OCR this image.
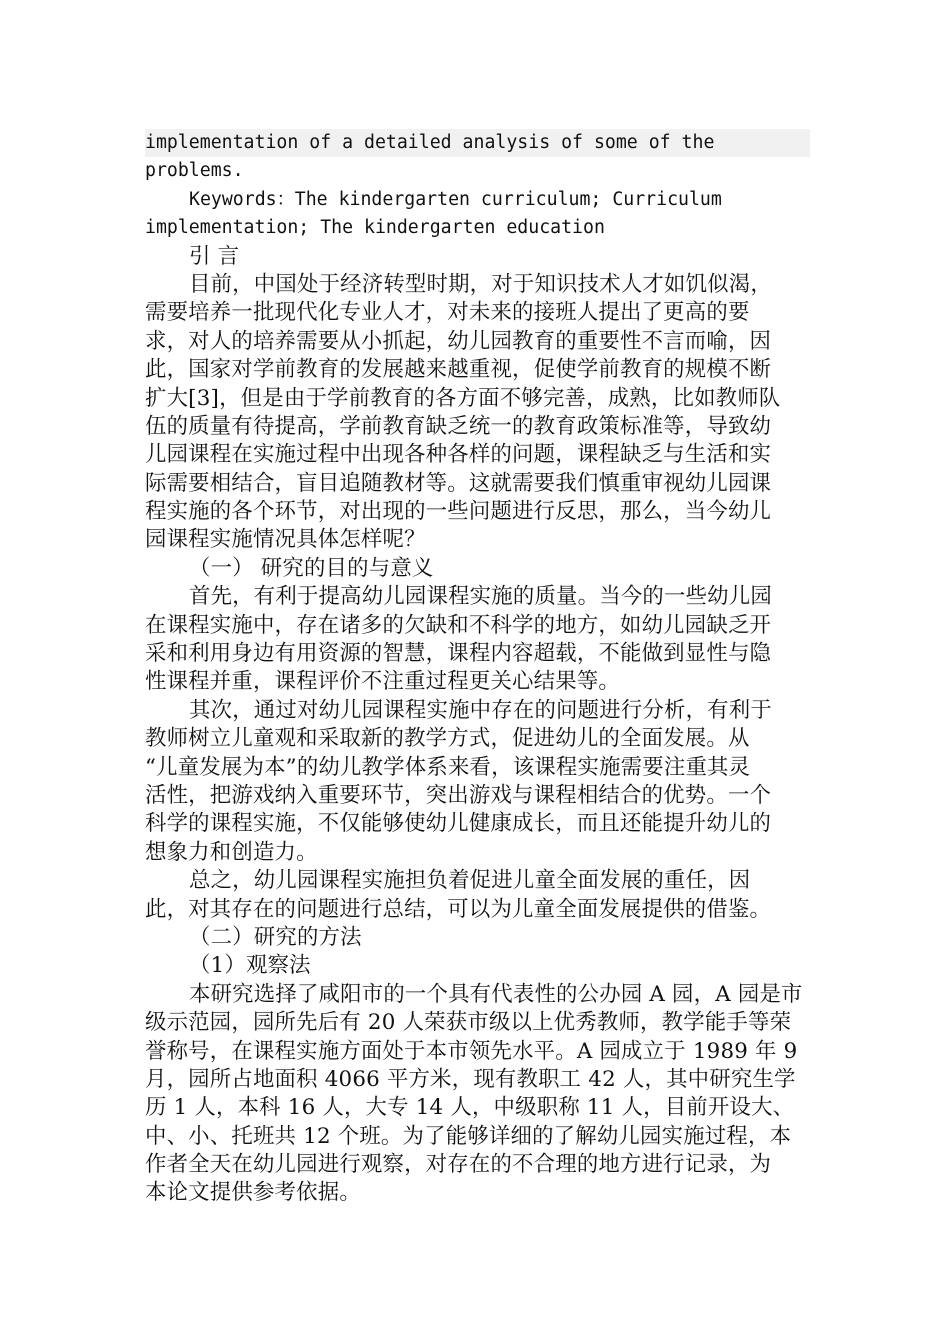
implementation of a detailed analysis of some of the
problems.
Keywords：The kindergarten curriculum; Curriculum
implementation; The kindergarten education
引 言
目前，中国处于经济转型时期，对于知识技术人才如饥似渴，
需要培养一批现代化专业人才，对未来的接班人提出了更高的要
求，对人的培养需要从小抓起，幼儿园教育的重要性不言而喻，因
此，国家对学前教育的发展越来越重视，促使学前教育的规模不断
扩大[3]，但是由于学前教育的各方面不够完善，成熟，比如教师队
伍的质量有待提高，学前教育缺乏统一的教育政策标准等，导致幼
儿园课程在实施过程中出现各种各样的问题，课程缺乏与生活和实
际需要相结合，盲目追随教材等。这就需要我们慎重审视幼儿园课
程实施的各个环节，对出现的一些问题进行反思，那么，当今幼儿
园课程实施情况具体怎样呢？
（一） 研究的目的与意义
首先，有利于提高幼儿园课程实施的质量。当今的一些幼儿园
在课程实施中，存在诸多的欠缺和不科学的地方，如幼儿园缺乏开
采和利用身边有用资源的智慧，课程内容超载，不能做到显性与隐
性课程并重，课程评价不注重过程更关心结果等。
其次，通过对幼儿园课程实施中存在的问题进行分析，有利于
教师树立儿童观和采取新的教学方式，促进幼儿的全面发展。从
“儿童发展为本”的幼儿教学体系来看，该课程实施需要注重其灵
活性，把游戏纳入重要环节，突出游戏与课程相结合的优势。一个
科学的课程实施，不仅能够使幼儿健康成长，而且还能提升幼儿的
想象力和创造力。
总之，幼儿园课程实施担负着促进儿童全面发展的重任，因
此，对其存在的问题进行总结，可以为儿童全面发展提供的借鉴。
（二）研究的方法
（1）观察法
本研究选择了咸阳市的一个具有代表性的公办园 A 园，A 园是市
级示范园，园所先后有 20 人荣获市级以上优秀教师，教学能手等荣
誉称号，在课程实施方面处于本市领先水平。A 园成立于 1989 年 9
月，园所占地面积 4066 平方米，现有教职工 42 人，其中研究生学
历 1 人，本科 16 人，大专 14 人，中级职称 11 人，目前开设大、
中、小、托班共 12 个班。为了能够详细的了解幼儿园实施过程，本
作者全天在幼儿园进行观察，对存在的不合理的地方进行记录，为
本论文提供参考依据。
